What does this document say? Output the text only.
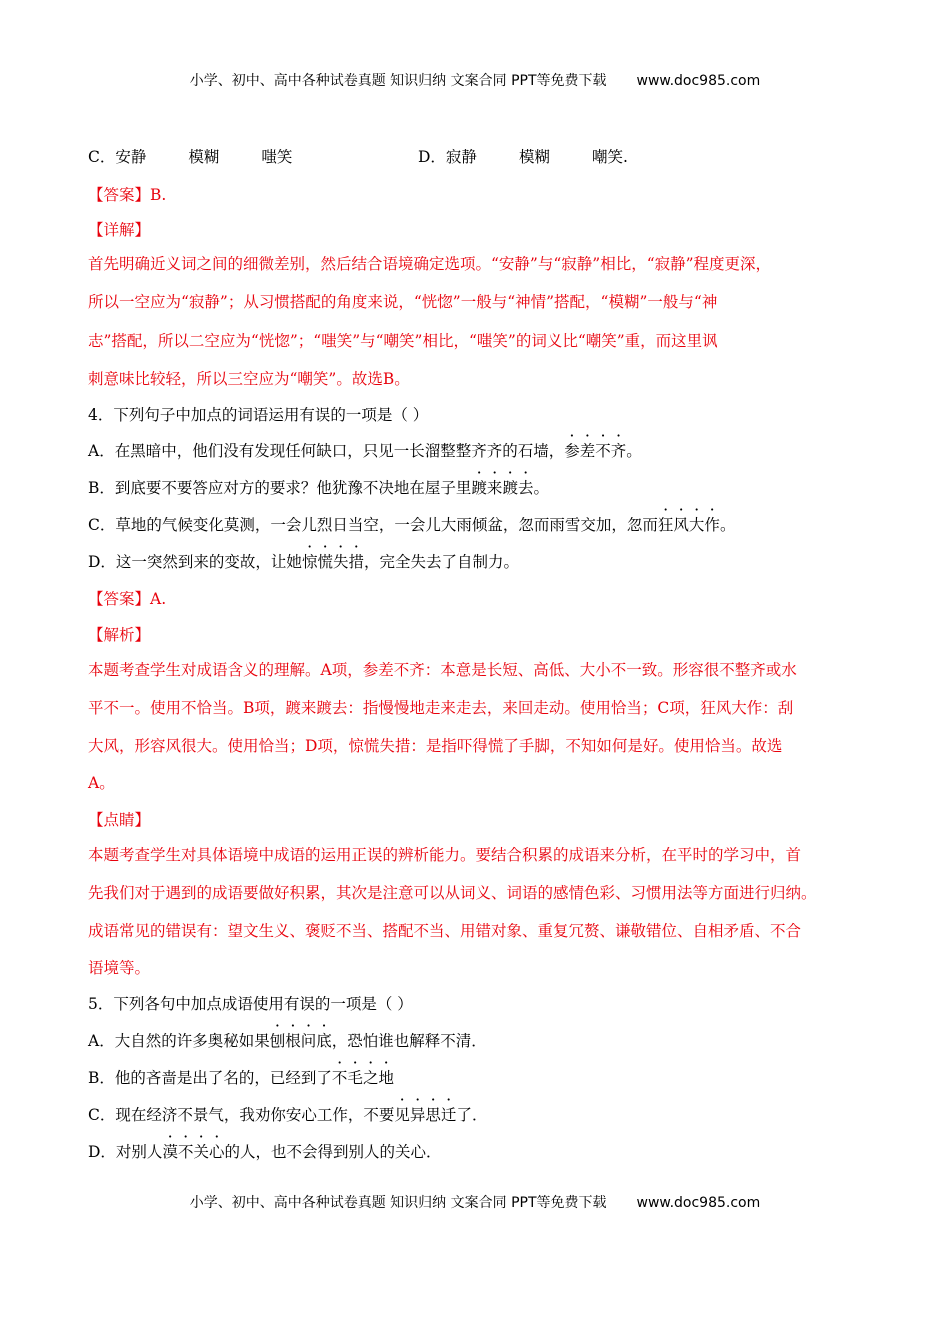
小学、初中、高中各种试卷真题 知识归纳 文案合同 PPT等免费下载 www.doc985.com
C．安静	模糊	嗤笑	D．寂静	模糊	嘲笑.
【答案】B.
【详解】
首先明确近义词之间的细微差别，然后结合语境确定选项。“安静”与“寂静”相比，“寂静”程度更深，
所以一空应为“寂静”；从习惯搭配的角度来说，“恍惚”一般与“神情”搭配，“模糊”一般与“神
志”搭配，所以二空应为“恍惚”；“嗤笑”与“嘲笑”相比，“嗤笑”的词义比“嘲笑”重，而这里讽
刺意味比较轻，所以三空应为“嘲笑”。故选B。
4．下列句子中加点的词语运用有误的一项是（ ）
A．在黑暗中，他们没有发现任何缺口，只见一长溜整整齐齐的石墙，参差不齐。
B．到底要不要答应对方的要求？他犹豫不决地在屋子里踱来踱去。
C．草地的气候变化莫测，一会儿烈日当空，一会儿大雨倾盆，忽而雨雪交加，忽而狂风大作。
D．这一突然到来的变故，让她惊慌失措，完全失去了自制力。
【答案】A.
【解析】
本题考查学生对成语含义的理解。A项，参差不齐：本意是长短、高低、大小不一致。形容很不整齐或水
平不一。使用不恰当。B项，踱来踱去：指慢慢地走来走去，来回走动。使用恰当；C项，狂风大作：刮
大风，形容风很大。使用恰当；D项，惊慌失措：是指吓得慌了手脚，不知如何是好。使用恰当。故选
A。
【点睛】
本题考查学生对具体语境中成语的运用正误的辨析能力。要结合积累的成语来分析，在平时的学习中，首
先我们对于遇到的成语要做好积累，其次是注意可以从词义、词语的感情色彩、习惯用法等方面进行归纳。
成语常见的错误有：望文生义、褒贬不当、搭配不当、用错对象、重复冗赘、谦敬错位、自相矛盾、不合
语境等。
5．下列各句中加点成语使用有误的一项是（ ）
A．大自然的许多奥秘如果刨根问底，恐怕谁也解释不清．
B．他的吝啬是出了名的，已经到了不毛之地
C．现在经济不景气，我劝你安心工作，不要见异思迁了．
D．对别人漠不关心的人，也不会得到别人的关心．
小学、初中、高中各种试卷真题 知识归纳 文案合同 PPT等免费下载 www.doc985.com
